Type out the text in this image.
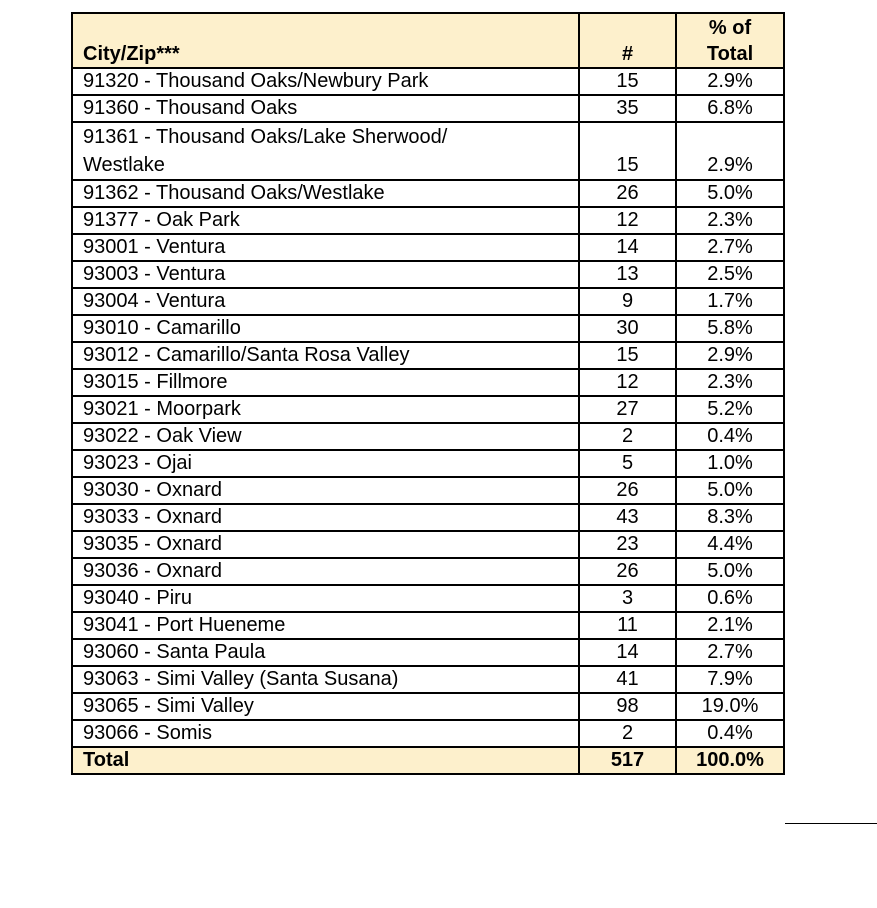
City/Zip***	#	% of
Total
91320 - Thousand Oaks/Newbury Park	15	2.9%
91360 - Thousand Oaks	35	6.8%
91361 - Thousand Oaks/Lake Sherwood/
Westlake	15	2.9%
91362 - Thousand Oaks/Westlake	26	5.0%
91377 - Oak Park	12	2.3%
93001 - Ventura	14	2.7%
93003 - Ventura	13	2.5%
93004 - Ventura	9	1.7%
93010 - Camarillo	30	5.8%
93012 - Camarillo/Santa Rosa Valley	15	2.9%
93015 - Fillmore	12	2.3%
93021 - Moorpark	27	5.2%
93022 - Oak View	2	0.4%
93023 - Ojai	5	1.0%
93030 - Oxnard	26	5.0%
93033 - Oxnard	43	8.3%
93035 - Oxnard	23	4.4%
93036 - Oxnard	26	5.0%
93040 - Piru	3	0.6%
93041 - Port Hueneme	11	2.1%
93060 - Santa Paula	14	2.7%
93063 - Simi Valley (Santa Susana)	41	7.9%
93065 - Simi Valley	98	19.0%
93066 - Somis	2	0.4%
Total	517	100.0%
